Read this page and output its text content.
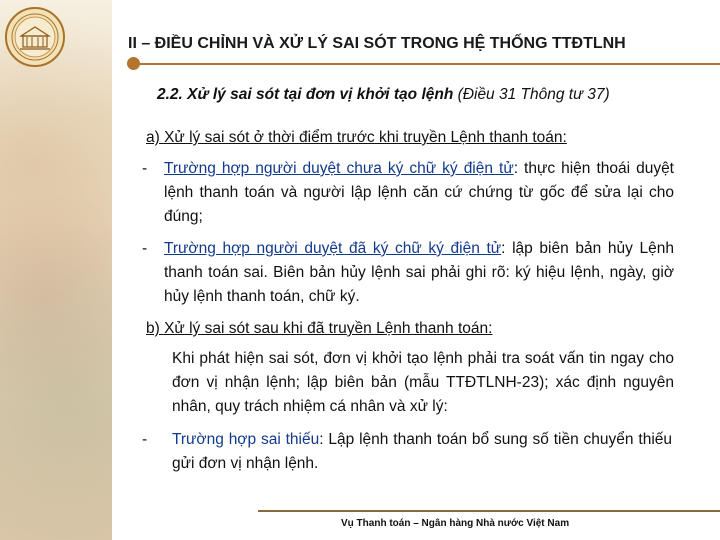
II – ĐIỀU CHỈNH VÀ XỬ LÝ SAI SÓT TRONG HỆ THỐNG TTĐTLNH
2.2. Xử lý sai sót tại đơn vị khởi tạo lệnh (Điều 31 Thông tư 37)
a) Xử lý sai sót ở thời điểm trước khi truyền Lệnh thanh toán:
-	Trường hợp người duyệt chưa ký chữ ký điện tử: thực hiện thoái duyệt lệnh thanh toán và người lập lệnh căn cứ chứng từ gốc để sửa lại cho đúng;
-	Trường hợp người duyệt đã ký chữ ký điện tử: lập biên bản hủy Lệnh thanh toán sai. Biên bản hủy lệnh sai phải ghi rõ: ký hiệu lệnh, ngày, giờ hủy lệnh thanh toán, chữ ký.
b) Xử lý sai sót sau khi đã truyền Lệnh thanh toán:
Khi phát hiện sai sót, đơn vị khởi tạo lệnh phải tra soát vấn tin ngay cho đơn vị nhận lệnh; lập biên bản (mẫu TTĐTLNH-23); xác định nguyên nhân, quy trách nhiệm cá nhân và xử lý:
-	Trường hợp sai thiếu: Lập lệnh thanh toán bổ sung số tiền chuyển thiếu gửi đơn vị nhận lệnh.
Vụ Thanh toán – Ngân hàng Nhà nước Việt Nam
